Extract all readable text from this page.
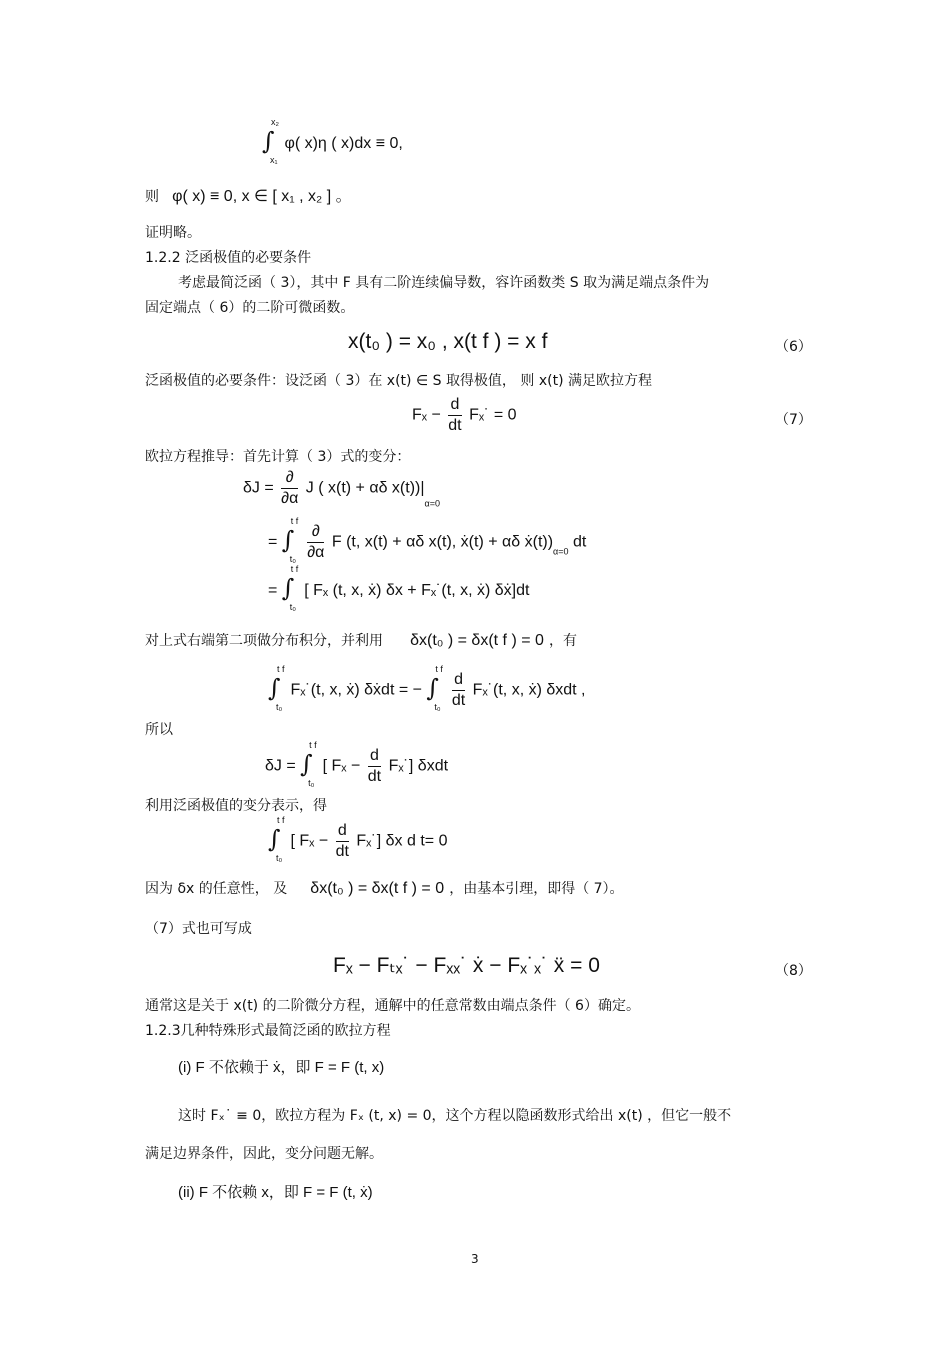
∫
x₂
x₁
φ( x)η ( x)dx ≡ 0,
则 φ( x) ≡ 0, x ∈ [ x₁ , x₂ ] 。
证明略。
1.2.2 泛函极值的必要条件
考虑最简泛函（ 3），其中 F 具有二阶连续偏导数，容许函数类 S 取为满足端点条件为
固定端点（ 6）的二阶可微函数。
x(t₀ ) = x₀ , x(t f ) = x f	（6）
泛函极值的必要条件：设泛函（ 3）在 x(t) ∈ S 取得极值， 则 x(t) 满足欧拉方程
$F_x - \frac{d}{dt}$ Fₓ˙ = 0	（7）
欧拉方程推导：首先计算（ 3）式的变分：
$\delta J = \frac{\partial}{\partial\alpha}$ J ( x(t) + αδ $x(t))|_{\alpha=0}$
= ∫
t f
t₀
$\frac{\partial}{\partial\alpha}$ F (t, x(t) + αδ x(t), ẋ(t) + αδ $ẋ(t))_{\alpha=0}$ dt
= ∫
t f
t₀
[ Fₓ (t, x, ẋ) δx + Fₓ˙(t, x, ẋ) δẋ]dt
对上式右端第二项做分布积分，并利用 δx(t₀ ) = δx(t f ) = 0 ，有
∫
t f
t₀
Fₓ˙(t, x, ẋ) δẋdt = − ∫
t f
t₀
$\frac{d}{dt}$ Fₓ˙(t, x, ẋ) δxdt ,
所以
δJ = ∫
t f
t₀
[ $F_x - \frac{d}{dt}$ Fₓ˙] δxdt
利用泛函极值的变分表示，得
∫
t f
t₀
[ $F_x - \frac{d}{dt}$ Fₓ˙] δx d t= 0
因为 δx 的任意性， 及 δx(t₀ ) = δx(t f ) = 0 ，由基本引理，即得（ 7）。
（7）式也可写成
Fₓ − Fₜₓ˙ − Fₓₓ˙ ẋ − Fₓ˙ₓ˙ ẍ = 0	（8）
通常这是关于 x(t) 的二阶微分方程，通解中的任意常数由端点条件（ 6）确定。
1.2.3几种特殊形式最简泛函的欧拉方程
(i) F 不依赖于 ẋ，即 F = F (t, x)
这时 Fₓ˙ ≡ 0，欧拉方程为 Fₓ (t, x) = 0，这个方程以隐函数形式给出 x(t) ，但它一般不
满足边界条件，因此，变分问题无解。
(ii) F 不依赖 x，即 F = F (t, ẋ)
3
